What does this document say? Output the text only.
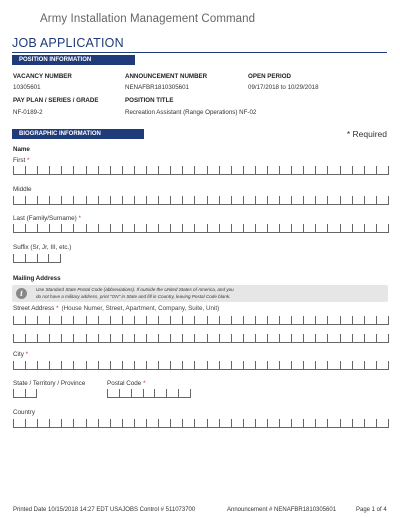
Army Installation Management Command
JOB APPLICATION
POSITION INFORMATION
VACANCY NUMBER
10305601
ANNOUNCEMENT NUMBER
NENAFBR1810305601
OPEN PERIOD
09/17/2018 to 10/29/2018
PAY PLAN / SERIES / GRADE
NF-0189-2
POSITION TITLE
Recreation Assistant (Range Operations) NF-02
BIOGRAPHIC INFORMATION	* Required
Name
First *
Middle
Last (Family/Surname) *
Suffix (Sr, Jr, III, etc.)
Mailing Address
i	Use Standard State Postal Code (abbreviations). If outside the United States of America, and you
do not have a military address, print "ON" in State and fill in Country, leaving Postal Code blank.
Street Address * (House Numer, Street, Apartment, Company, Suite, Unit)
City *
State / Territory / Province	Postal Code *
Country
Printed Date 10/15/2018 14:27 EDT USAJOBS Control # 511073700	Announcement # NENAFBR1810305601	Page 1 of 4
